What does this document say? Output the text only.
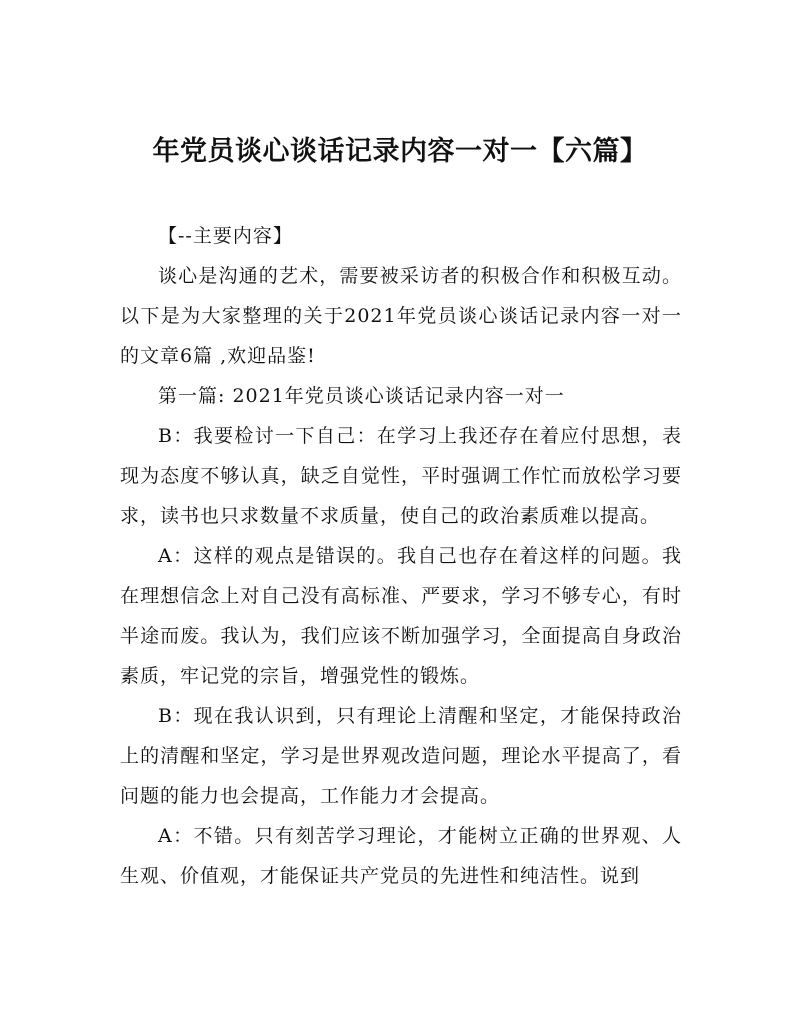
年党员谈心谈话记录内容一对一【六篇】

【--主要内容】

谈心是沟通的艺术，需要被采访者的积极合作和积极互动。 以下是为大家整理的关于2021年党员谈心谈话记录内容一对一的文章6篇 ,欢迎品鉴!

第一篇: 2021年党员谈心谈话记录内容一对一

B：我要检讨一下自己：在学习上我还存在着应付思想，表现为态度不够认真，缺乏自觉性，平时强调工作忙而放松学习要求，读书也只求数量不求质量，使自己的政治素质难以提高。

A：这样的观点是错误的。我自己也存在着这样的问题。我在理想信念上对自己没有高标准、严要求，学习不够专心，有时半途而废。我认为，我们应该不断加强学习，全面提高自身政治素质，牢记党的宗旨，增强党性的锻炼。

B：现在我认识到，只有理论上清醒和坚定，才能保持政治上的清醒和坚定，学习是世界观改造问题，理论水平提高了，看问题的能力也会提高，工作能力才会提高。

A：不错。只有刻苦学习理论，才能树立正确的世界观、人生观、价值观，才能保证共产党员的先进性和纯洁性。说到
